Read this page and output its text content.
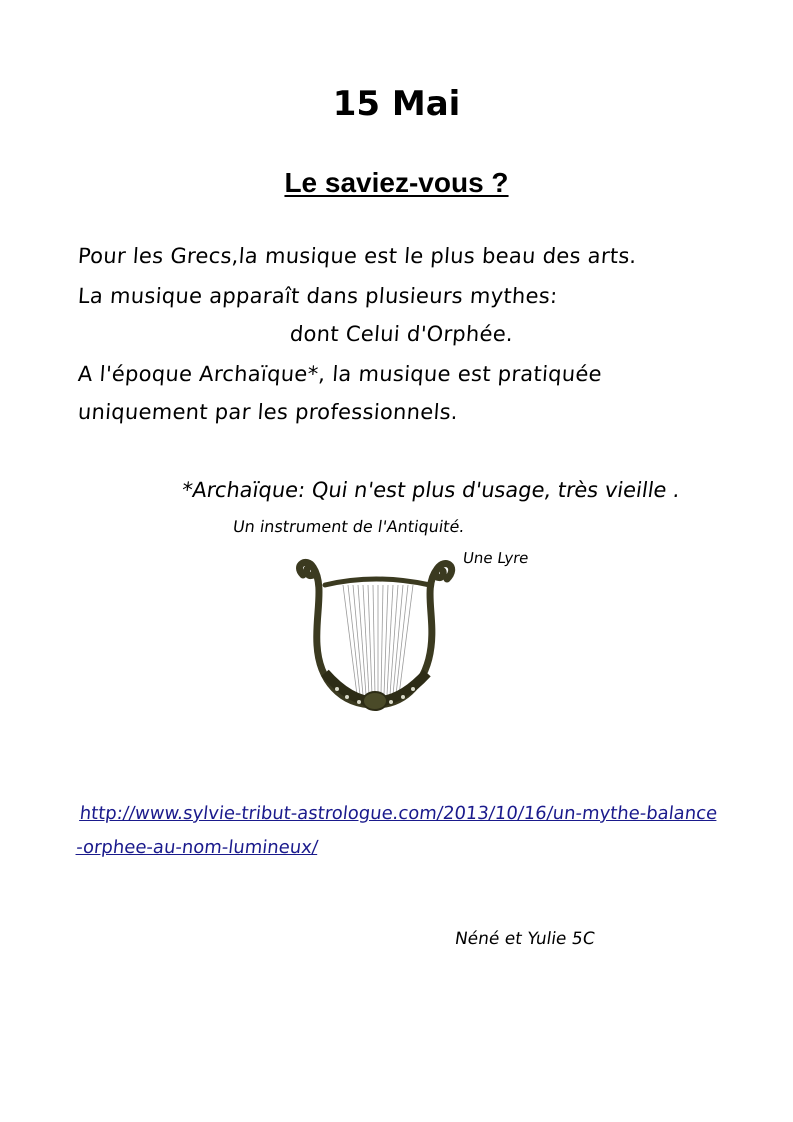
15 Mai
Le saviez-vous ?
Pour les Grecs,la musique est le plus beau des arts.
La musique apparaît dans plusieurs mythes:
dont Celui d'Orphée.
A l'époque Archaïque*, la musique est pratiquée
uniquement par les professionnels.
*Archaïque: Qui n'est plus d'usage, très vieille .
Un instrument de l'Antiquité.
Une Lyre
http://www.sylvie-tribut-astrologue.com/2013/10/16/un-mythe-balance-orphee-au-nom-lumineux/
Néné et Yulie 5C
